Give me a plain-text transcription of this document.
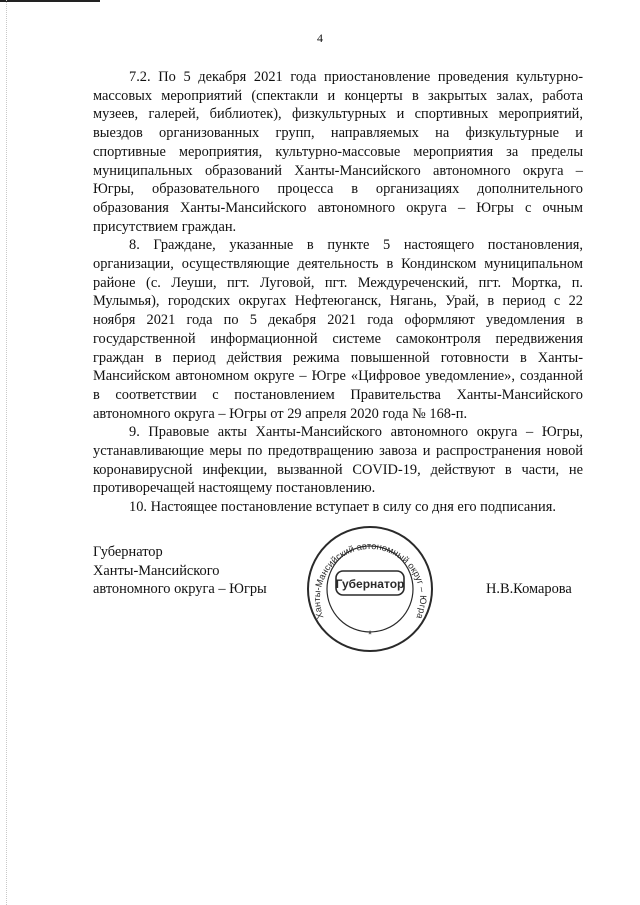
4

7.2. По 5 декабря 2021 года приостановление проведения культурно-массовых мероприятий (спектакли и концерты в закрытых залах, работа музеев, галерей, библиотек), физкультурных и спортивных мероприятий, выездов организованных групп, направляемых на физкультурные и спортивные мероприятия, культурно-массовые мероприятия за пределы муниципальных образований Ханты-Мансийского автономного округа – Югры, образовательного процесса в организациях дополнительного образования Ханты-Мансийского автономного округа – Югры с очным присутствием граждан.

8. Граждане, указанные в пункте 5 настоящего постановления, организации, осуществляющие деятельность в Кондинском муниципальном районе (с. Леуши, пгт. Луговой, пгт. Междуреченский, пгт. Мортка, п. Мулымья), городских округах Нефтеюганск, Нягань, Урай, в период с 22 ноября 2021 года по 5 декабря 2021 года оформляют уведомления в государственной информационной системе самоконтроля передвижения граждан в период действия режима повышенной готовности в Ханты-Мансийском автономном округе – Югре «Цифровое уведомление», созданной в соответствии с постановлением Правительства Ханты-Мансийского автономного округа – Югры от 29 апреля 2020 года № 168-п.

9. Правовые акты Ханты-Мансийского автономного округа – Югры, устанавливающие меры по предотвращению завоза и распространения новой коронавирусной инфекции, вызванной COVID-19, действуют в части, не противоречащей настоящему постановлению.

10. Настоящее постановление вступает в силу со дня его подписания.

Губернатор
Ханты-Мансийского
автономного округа – Югры	Н.В.Комарова
Ханты-Мансийский автономный округ – Югра
Губернатор
*
